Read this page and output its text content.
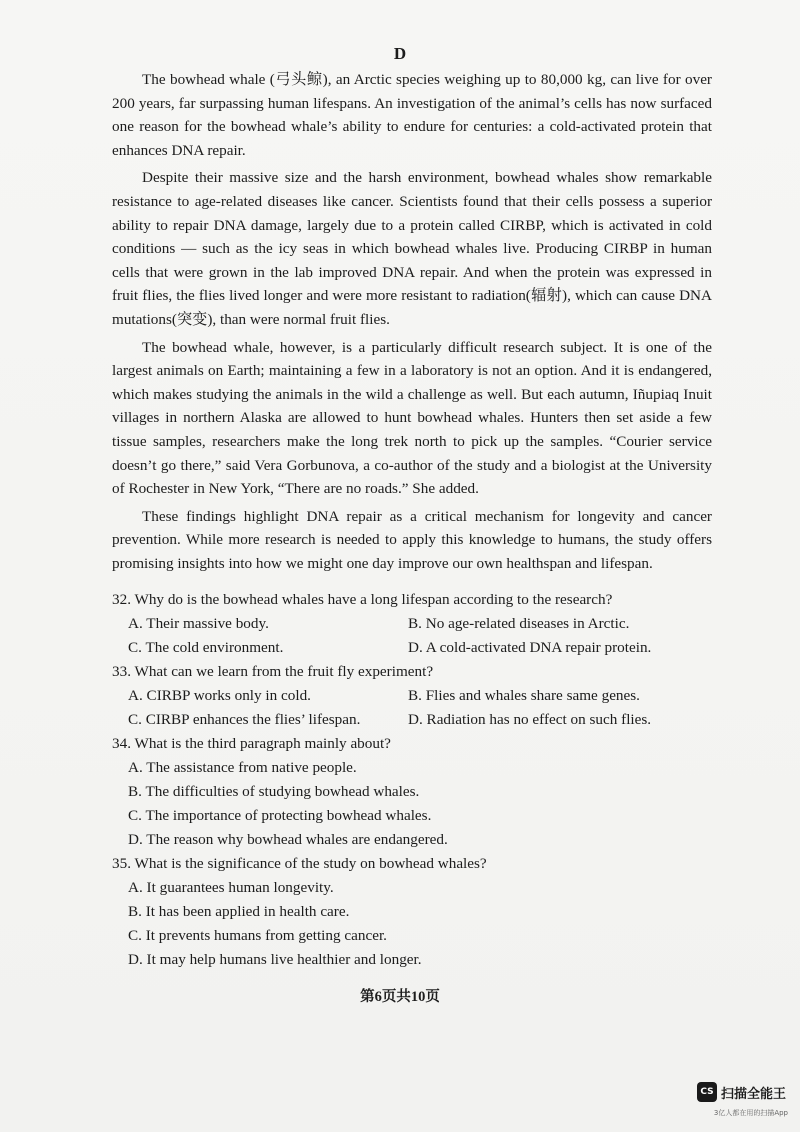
D

The bowhead whale (弓头鲸), an Arctic species weighing up to 80,000 kg, can live for over 200 years, far surpassing human lifespans. An investigation of the animal’s cells has now surfaced one reason for the bowhead whale’s ability to endure for centuries: a cold-activated protein that enhances DNA repair.

Despite their massive size and the harsh environment, bowhead whales show remarkable resistance to age-related diseases like cancer. Scientists found that their cells possess a superior ability to repair DNA damage, largely due to a protein called CIRBP, which is activated in cold conditions — such as the icy seas in which bowhead whales live. Producing CIRBP in human cells that were grown in the lab improved DNA repair. And when the protein was expressed in fruit flies, the flies lived longer and were more resistant to radiation(辐射), which can cause DNA mutations(突变), than were normal fruit flies.

The bowhead whale, however, is a particularly difficult research subject. It is one of the largest animals on Earth; maintaining a few in a laboratory is not an option. And it is endangered, which makes studying the animals in the wild a challenge as well. But each autumn, Iñupiaq Inuit villages in northern Alaska are allowed to hunt bowhead whales. Hunters then set aside a few tissue samples, researchers make the long trek north to pick up the samples. “Courier service doesn’t go there,” said Vera Gorbunova, a co-author of the study and a biologist at the University of Rochester in New York, “There are no roads.” She added.

These findings highlight DNA repair as a critical mechanism for longevity and cancer prevention. While more research is needed to apply this knowledge to humans, the study offers promising insights into how we might one day improve our own healthspan and lifespan.

32. Why do is the bowhead whales have a long lifespan according to the research?

A. Their massive body.	B. No age-related diseases in Arctic.
C. The cold environment.	D. A cold-activated DNA repair protein.

33. What can we learn from the fruit fly experiment?

A. CIRBP works only in cold.	B. Flies and whales share same genes.
C. CIRBP enhances the flies’ lifespan.	D. Radiation has no effect on such flies.

34. What is the third paragraph mainly about?

A. The assistance from native people.
B. The difficulties of studying bowhead whales.
C. The importance of protecting bowhead whales.
D. The reason why bowhead whales are endangered.

35. What is the significance of the study on bowhead whales?

A. It guarantees human longevity.
B. It has been applied in health care.
C. It prevents humans from getting cancer.
D. It may help humans live healthier and longer.
第6页共10页
CS 扫描全能王
3亿人都在用的扫描App
